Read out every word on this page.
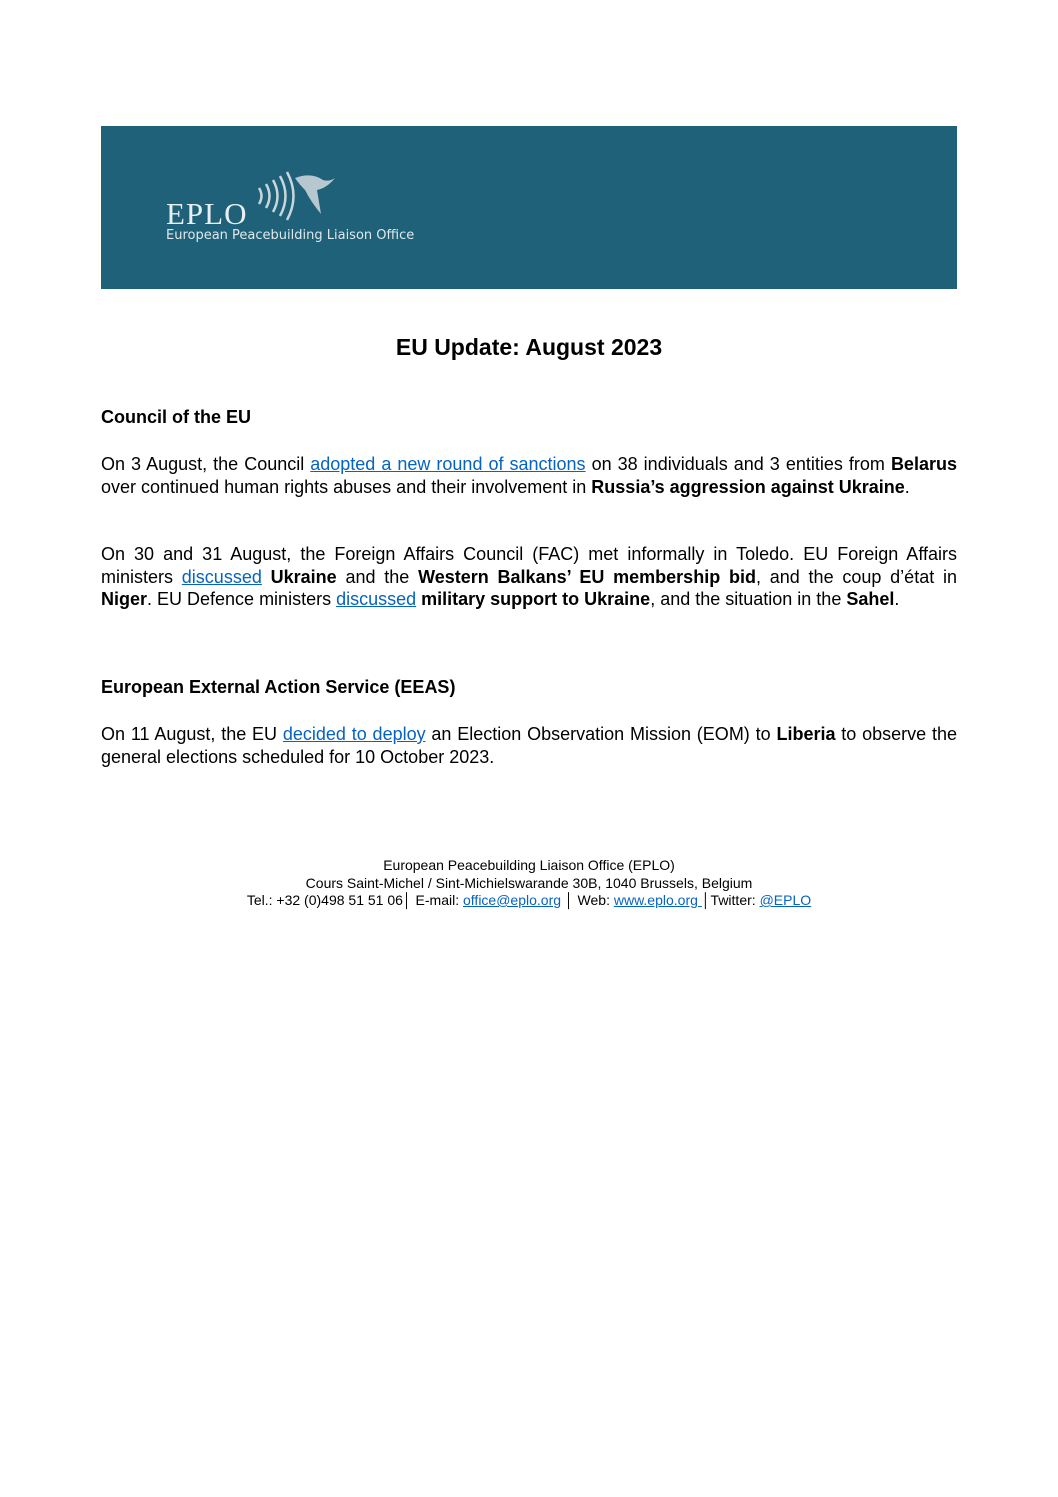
EPLO
European Peacebuilding Liaison Office
EU Update: August 2023
Council of the EU

On 3 August, the Council adopted a new round of sanctions on 38 individuals and 3 entities from Belarus over continued human rights abuses and their involvement in Russia’s aggression against Ukraine.

On 30 and 31 August, the Foreign Affairs Council (FAC) met informally in Toledo. EU Foreign Affairs ministers discussed Ukraine and the Western Balkans’ EU membership bid, and the coup d’état in Niger. EU Defence ministers discussed military support to Ukraine, and the situation in the Sahel.

European External Action Service (EEAS)

On 11 August, the EU decided to deploy an Election Observation Mission (EOM) to Liberia to observe the general elections scheduled for 10 October 2023.

European Peacebuilding Liaison Office (EPLO)
Cours Saint-Michel / Sint-Michielswarande 30B, 1040 Brussels, Belgium
Tel.: +32 (0)498 51 51 06│ E-mail: office@eplo.org │ Web: www.eplo.org │Twitter: @EPLO
